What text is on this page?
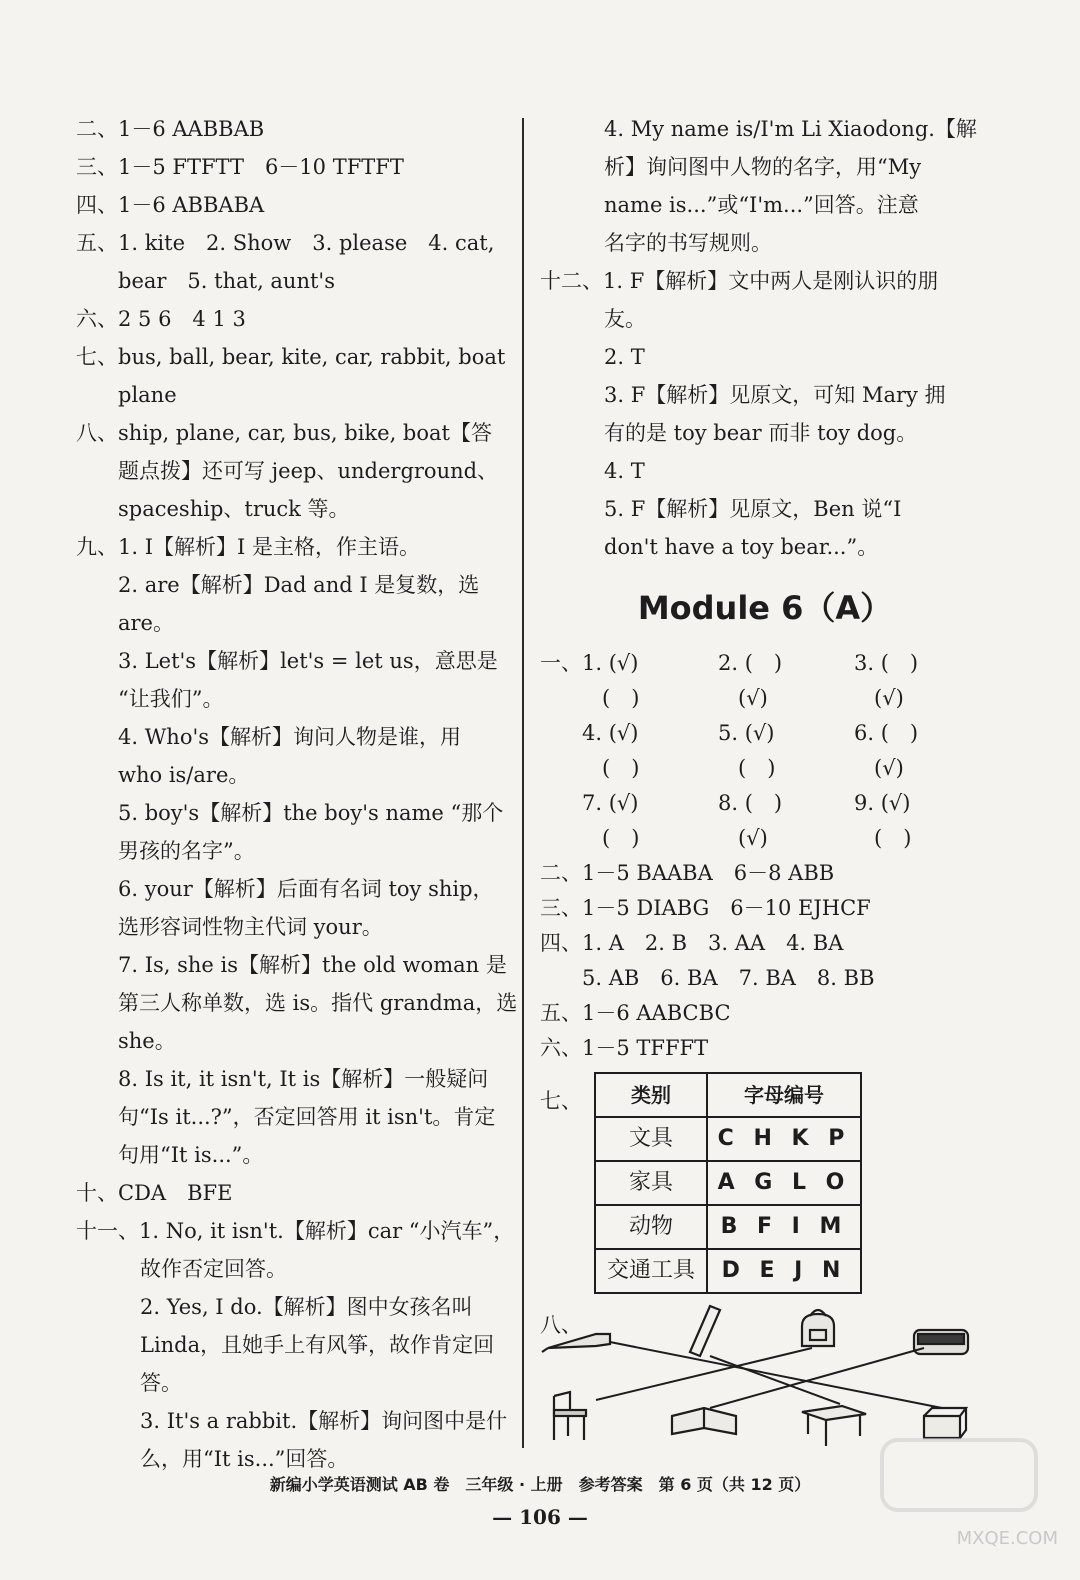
二、1－6 AABBAB
三、1－5 FTFTT　6－10 TFTFT
四、1－6 ABBABA
五、1. kite　2. Show　3. please　4. cat,
bear　5. that, aunt's
六、2 5 6　4 1 3
七、bus, ball, bear, kite, car, rabbit, boat
plane
八、ship, plane, car, bus, bike, boat【答
题点拨】还可写 jeep、underground、
spaceship、truck 等。
九、1. I【解析】I 是主格，作主语。
2. are【解析】Dad and I 是复数，选
are。
3. Let's【解析】let's = let us，意思是
“让我们”。
4. Who's【解析】询问人物是谁，用
who is/are。
5. boy's【解析】the boy's name “那个
男孩的名字”。
6. your【解析】后面有名词 toy ship，
选形容词性物主代词 your。
7. Is, she is【解析】the old woman 是
第三人称单数，选 is。指代 grandma，选
she。
8. Is it, it isn't, It is【解析】一般疑问
句“Is it...?”，否定回答用 it isn't。肯定
句用“It is...”。
十、CDA　BFE
十一、1. No, it isn't.【解析】car “小汽车”，
故作否定回答。
2. Yes, I do.【解析】图中女孩名叫
Linda，且她手上有风筝，故作肯定回
答。
3. It's a rabbit.【解析】询问图中是什
么，用“It is...”回答。
4. My name is/I'm Li Xiaodong.【解
析】询问图中人物的名字，用“My
name is...”或“I'm...”回答。注意
名字的书写规则。
十二、1. F【解析】文中两人是刚认识的朋
友。
2. T
3. F【解析】见原文，可知 Mary 拥
有的是 toy bear 而非 toy dog。
4. T
5. F【解析】见原文，Ben 说“I
don't have a toy bear...”。
Module 6（A）
一、 1. (√)	2. (　)	3. (　)
(　)	(√)	(√)
4. (√)	5. (√)	6. (　)
(　)	(　)	(√)
7. (√)	8. (　)	9. (√)
(　)	(√)	(　)
二、1－5 BAABA　6－8 ABB
三、1－5 DIABG　6－10 EJHCF
四、1. A　2. B　3. AA　4. BA
5. AB　6. BA　7. BA　8. BB
五、1－6 AABCBC
六、1－5 TFFFT
七、 类别	字母编号
文具	C H K P
家具	A G L O
动物	B F I M
交通工具	D E J N
八、
新编小学英语测试 AB 卷　三年级 · 上册　参考答案　第 6 页（共 12 页）
— 106 —
MXQE.COM
